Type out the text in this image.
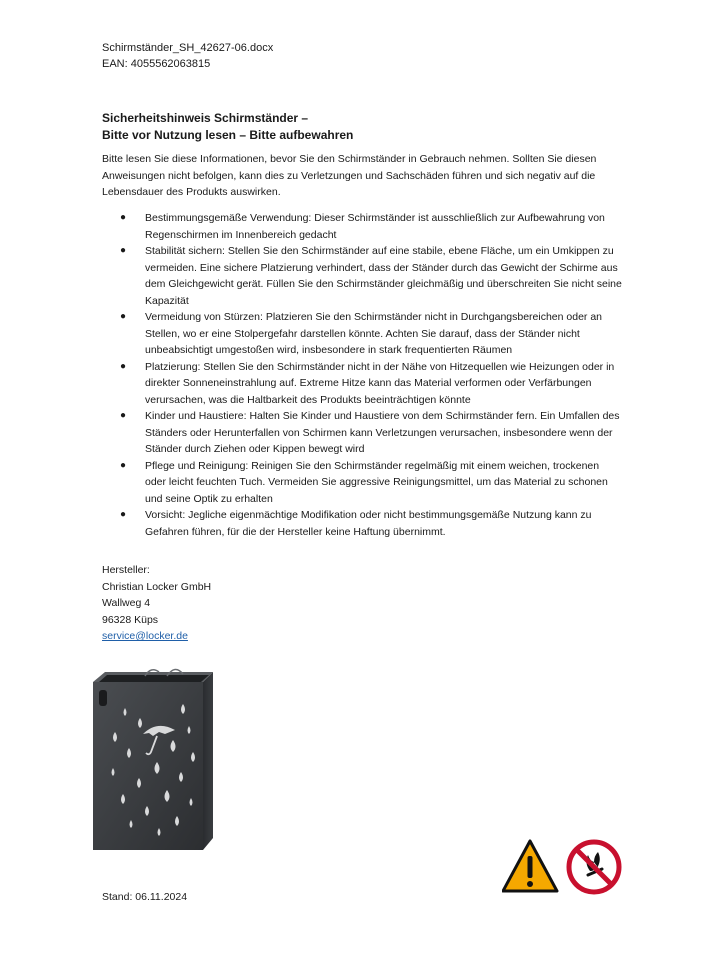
Schirmständer_SH_42627-06.docx
EAN: 4055562063815
Sicherheitshinweis Schirmständer –
Bitte vor Nutzung lesen – Bitte aufbewahren
Bitte lesen Sie diese Informationen, bevor Sie den Schirmständer in Gebrauch nehmen. Sollten Sie diesen Anweisungen nicht befolgen, kann dies zu Verletzungen und Sachschäden führen und sich negativ auf die Lebensdauer des Produkts auswirken.
● Bestimmungsgemäße Verwendung: Dieser Schirmständer ist ausschließlich zur Aufbewahrung von Regenschirmen im Innenbereich gedacht
● Stabilität sichern: Stellen Sie den Schirmständer auf eine stabile, ebene Fläche, um ein Umkippen zu vermeiden. Eine sichere Platzierung verhindert, dass der Ständer durch das Gewicht der Schirme aus dem Gleichgewicht gerät. Füllen Sie den Schirmständer gleichmäßig und überschreiten Sie nicht seine Kapazität
● Vermeidung von Stürzen: Platzieren Sie den Schirmständer nicht in Durchgangsbereichen oder an Stellen, wo er eine Stolpergefahr darstellen könnte. Achten Sie darauf, dass der Ständer nicht unbeabsichtigt umgestoßen wird, insbesondere in stark frequentierten Räumen
● Platzierung: Stellen Sie den Schirmständer nicht in der Nähe von Hitzequellen wie Heizungen oder in direkter Sonneneinstrahlung auf. Extreme Hitze kann das Material verformen oder Verfärbungen verursachen, was die Haltbarkeit des Produkts beeinträchtigen könnte
● Kinder und Haustiere: Halten Sie Kinder und Haustiere von dem Schirmständer fern. Ein Umfallen des Ständers oder Herunterfallen von Schirmen kann Verletzungen verursachen, insbesondere wenn der Ständer durch Ziehen oder Kippen bewegt wird
● Pflege und Reinigung: Reinigen Sie den Schirmständer regelmäßig mit einem weichen, trockenen oder leicht feuchten Tuch. Vermeiden Sie aggressive Reinigungsmittel, um das Material zu schonen und seine Optik zu erhalten
● Vorsicht: Jegliche eigenmächtige Modifikation oder nicht bestimmungsgemäße Nutzung kann zu Gefahren führen, für die der Hersteller keine Haftung übernimmt.
Hersteller:
Christian Locker GmbH
Wallweg 4
96328 Küps
service@locker.de
Stand: 06.11.2024
